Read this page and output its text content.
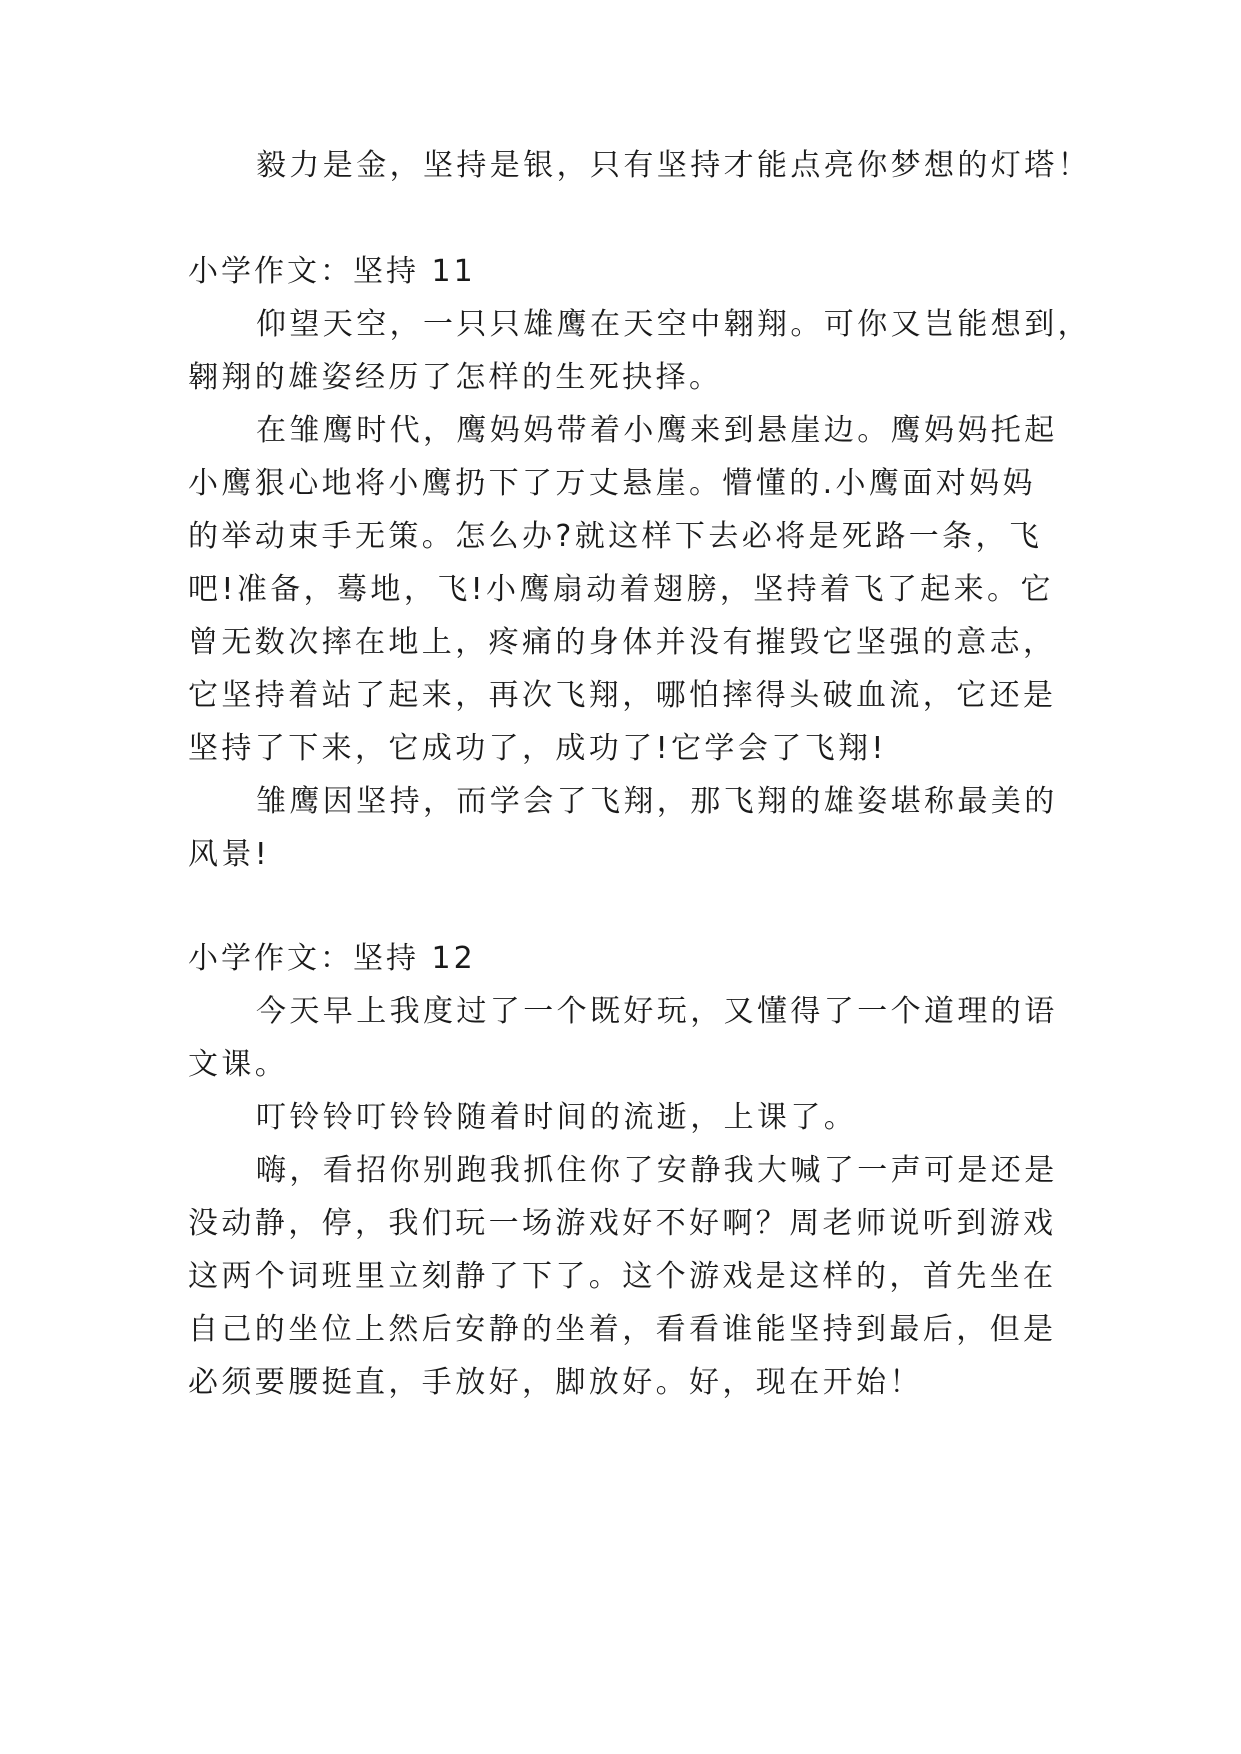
毅力是金，坚持是银，只有坚持才能点亮你梦想的灯塔！
小学作文：坚持 11
仰望天空，一只只雄鹰在天空中翱翔。可你又岂能想到，
翱翔的雄姿经历了怎样的生死抉择。
在雏鹰时代，鹰妈妈带着小鹰来到悬崖边。鹰妈妈托起
小鹰狠心地将小鹰扔下了万丈悬崖。懵懂的.小鹰面对妈妈
的举动束手无策。怎么办?就这样下去必将是死路一条，飞
吧!准备，蓦地，飞!小鹰扇动着翅膀，坚持着飞了起来。它
曾无数次摔在地上，疼痛的身体并没有摧毁它坚强的意志，
它坚持着站了起来，再次飞翔，哪怕摔得头破血流，它还是
坚持了下来，它成功了，成功了!它学会了飞翔!
雏鹰因坚持，而学会了飞翔，那飞翔的雄姿堪称最美的
风景!
小学作文：坚持 12
今天早上我度过了一个既好玩，又懂得了一个道理的语
文课。
叮铃铃叮铃铃随着时间的流逝，上课了。
嗨，看招你别跑我抓住你了安静我大喊了一声可是还是
没动静，停，我们玩一场游戏好不好啊？周老师说听到游戏
这两个词班里立刻静了下了。这个游戏是这样的，首先坐在
自己的坐位上然后安静的坐着，看看谁能坚持到最后，但是
必须要腰挺直，手放好，脚放好。好，现在开始！
